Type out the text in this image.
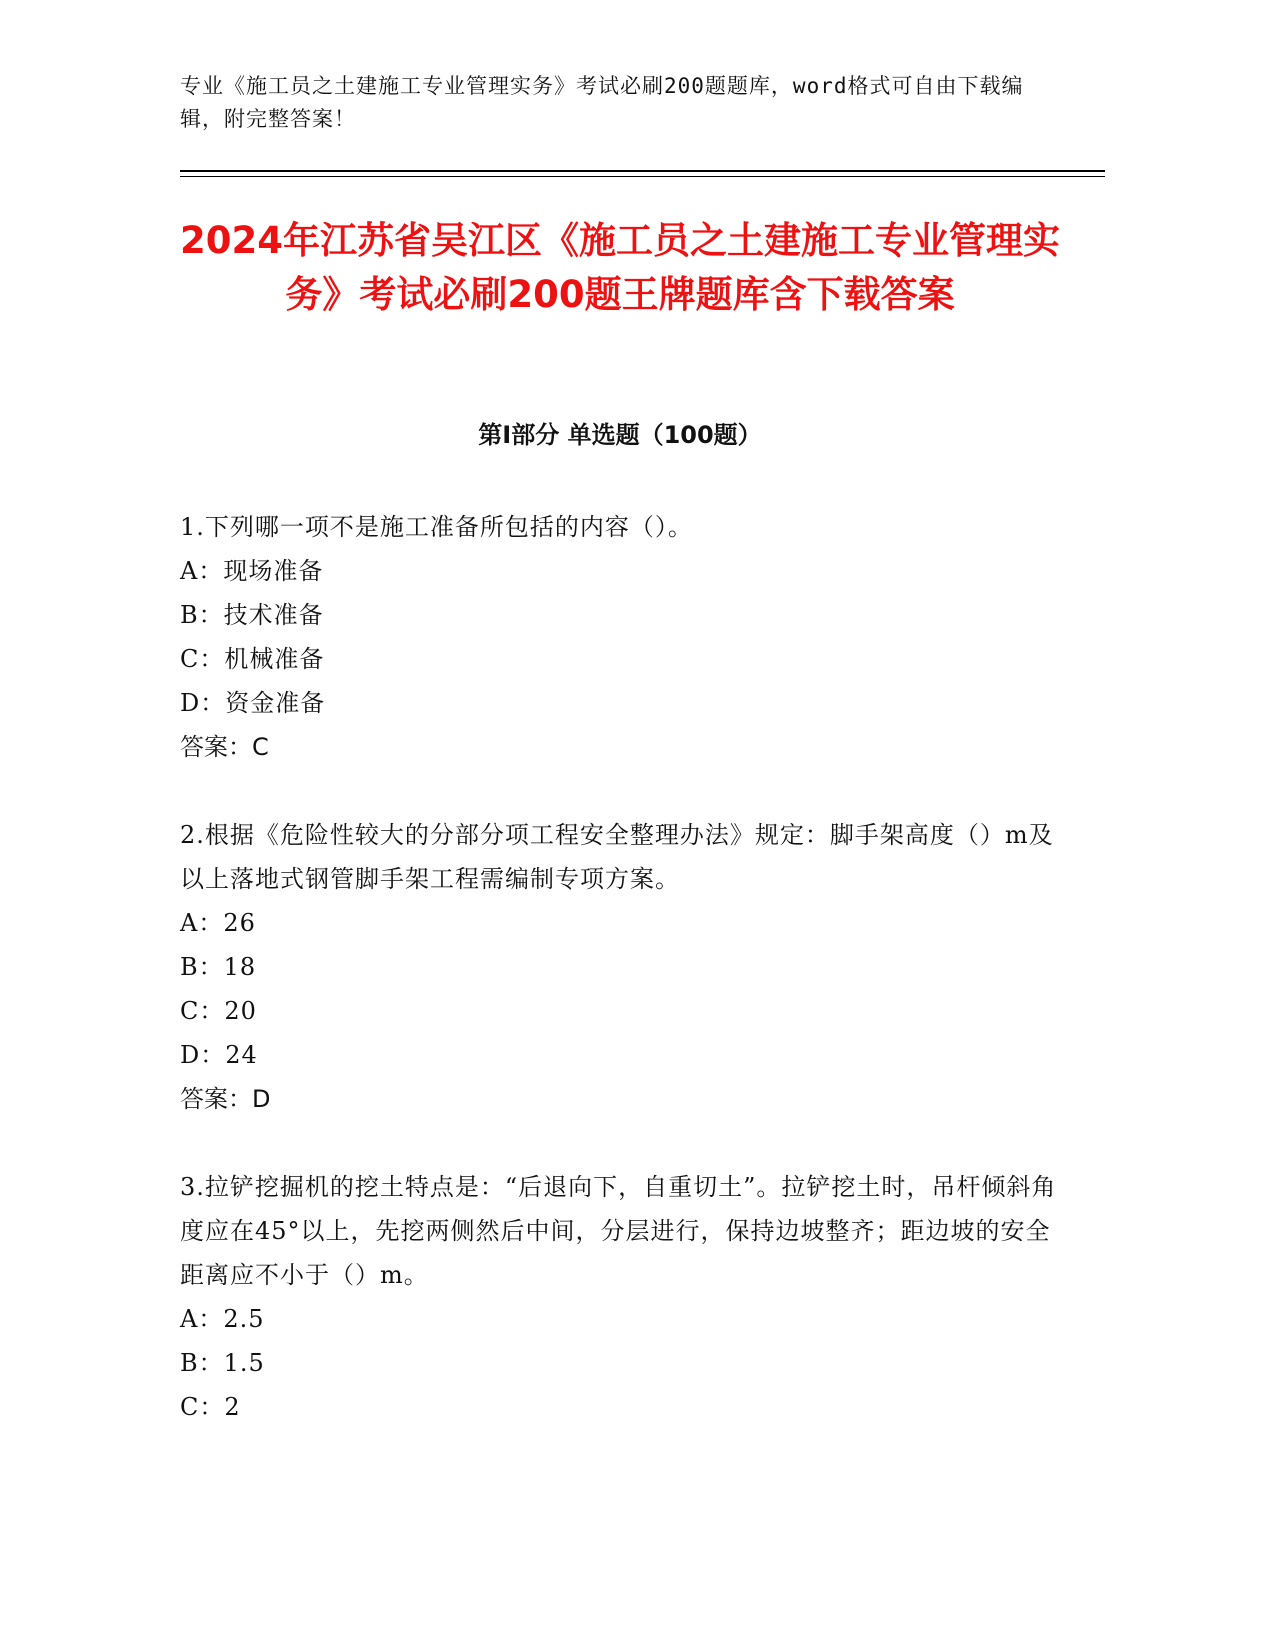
专业《施工员之土建施工专业管理实务》考试必刷200题题库，word格式可自由下载编辑，附完整答案！
2024年江苏省吴江区《施工员之土建施工专业管理实务》考试必刷200题王牌题库含下载答案
第Ⅰ部分 单选题（100题）
1.下列哪一项不是施工准备所包括的内容（）。
A：现场准备
B：技术准备
C：机械准备
D：资金准备
答案：C
2.根据《危险性较大的分部分项工程安全整理办法》规定：脚手架高度（）m及以上落地式钢管脚手架工程需编制专项方案。
A：26
B：18
C：20
D：24
答案：D
3.拉铲挖掘机的挖土特点是：“后退向下，自重切土”。拉铲挖土时，吊杆倾斜角度应在45°以上，先挖两侧然后中间，分层进行，保持边坡整齐；距边坡的安全距离应不小于（）m。
A：2.5
B：1.5
C：2
